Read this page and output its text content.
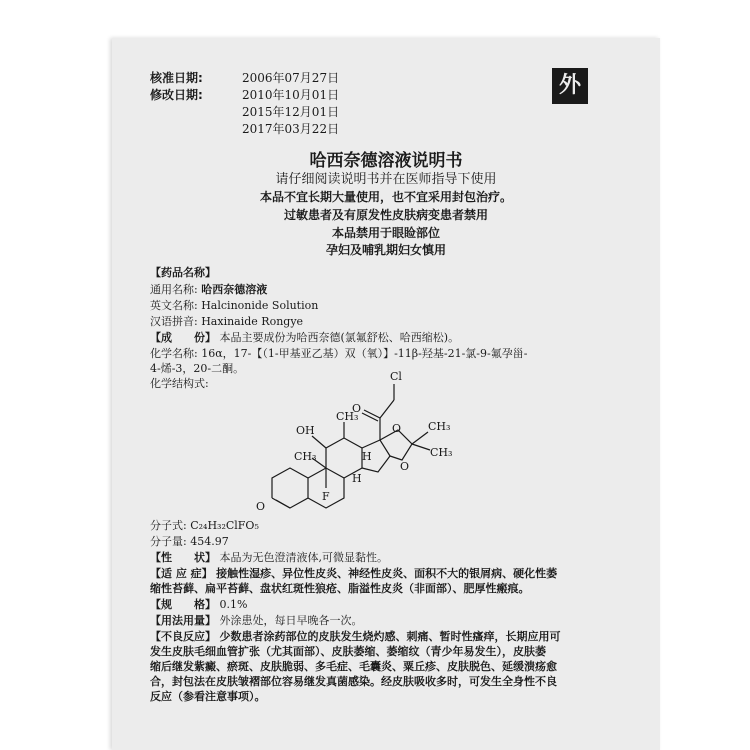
核准日期:	2006年07月27日
修改日期:	2010年10月01日
2015年12月01日
2017年03月22日
外
哈西奈德溶液说明书
请仔细阅读说明书并在医师指导下使用
本品不宜长期大量使用，也不宜采用封包治疗。
过敏患者及有原发性皮肤病变患者禁用
本品禁用于眼睑部位
孕妇及哺乳期妇女慎用
【药品名称】
通用名称: 哈西奈德溶液
英文名称: Halcinonide Solution
汉语拼音: Haxinaide Rongye
【成　　份】 本品主要成份为哈西奈德(氯氟舒松、哈西缩松)。
化学名称: 16α，17-【（1-甲基亚乙基）双（氧）】-11β-羟基-21-氯-9-氟孕甾-
4-烯-3，20-二酮。
化学结构式:
Cl
O
CH₃
CH₃
O
O
OH
CH₃
CH₃
F
H
H
O
分子式: C₂₄H₃₂ClFO₅
分子量: 454.97
【性　　状】 本品为无色澄清液体,可微显黏性。
【适 应 症】 接触性湿疹、异位性皮炎、神经性皮炎、面积不大的银屑病、硬化性萎
缩性苔藓、扁平苔藓、盘状红斑性狼疮、脂溢性皮炎（非面部）、肥厚性瘢痕。
【规　　格】 0.1%
【用法用量】 外涂患处，每日早晚各一次。
【不良反应】 少数患者涂药部位的皮肤发生烧灼感、刺痛、暂时性瘙痒，长期应用可
发生皮肤毛细血管扩张（尤其面部）、皮肤萎缩、萎缩纹（青少年易发生），皮肤萎
缩后继发紫癜、瘀斑、皮肤脆弱、多毛症、毛囊炎、粟丘疹、皮肤脱色、延缓溃疡愈
合，封包法在皮肤皱褶部位容易继发真菌感染。经皮肤吸收多时，可发生全身性不良
反应（参看注意事项）。
